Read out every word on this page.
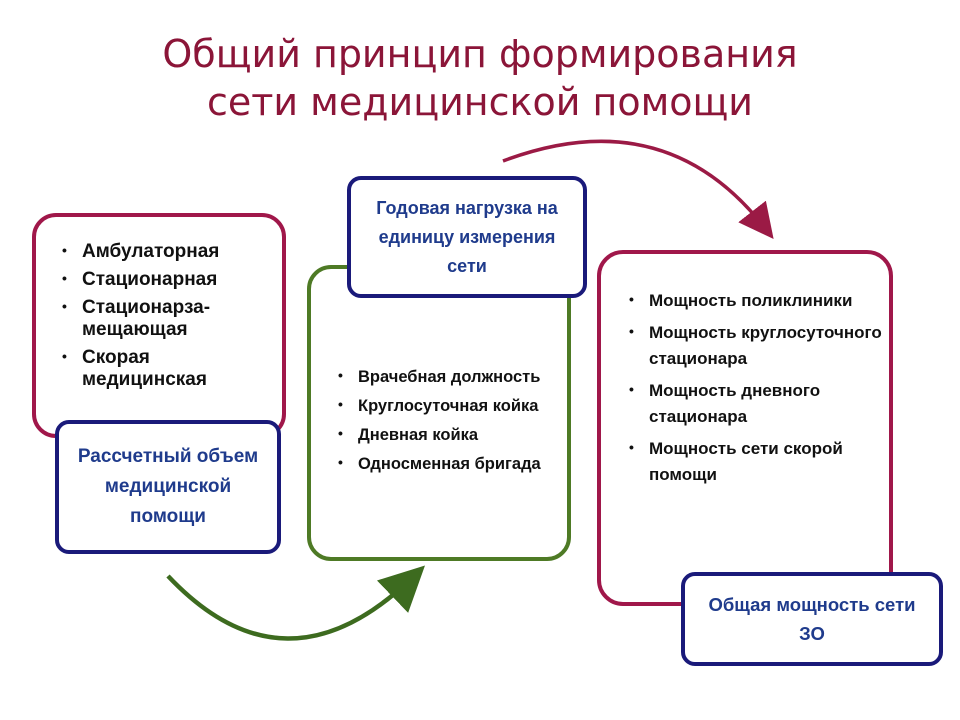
Общий принцип формирования
сети медицинской помощи
• Амбулаторная
• Стационарная
• Стационарза-мещающая
• Скорая медицинская
•	Врачебная должность
• Круглосуточная койка
• Дневная койка
• Односменная бригада
• Мощность поликлиники
• Мощность круглосуточного стационара
• Мощность дневного стационара
• Мощность сети скорой помощи
Рассчетный объем медицинской помощи
Годовая нагрузка на единицу измерения сети
Общая мощность сети ЗО
